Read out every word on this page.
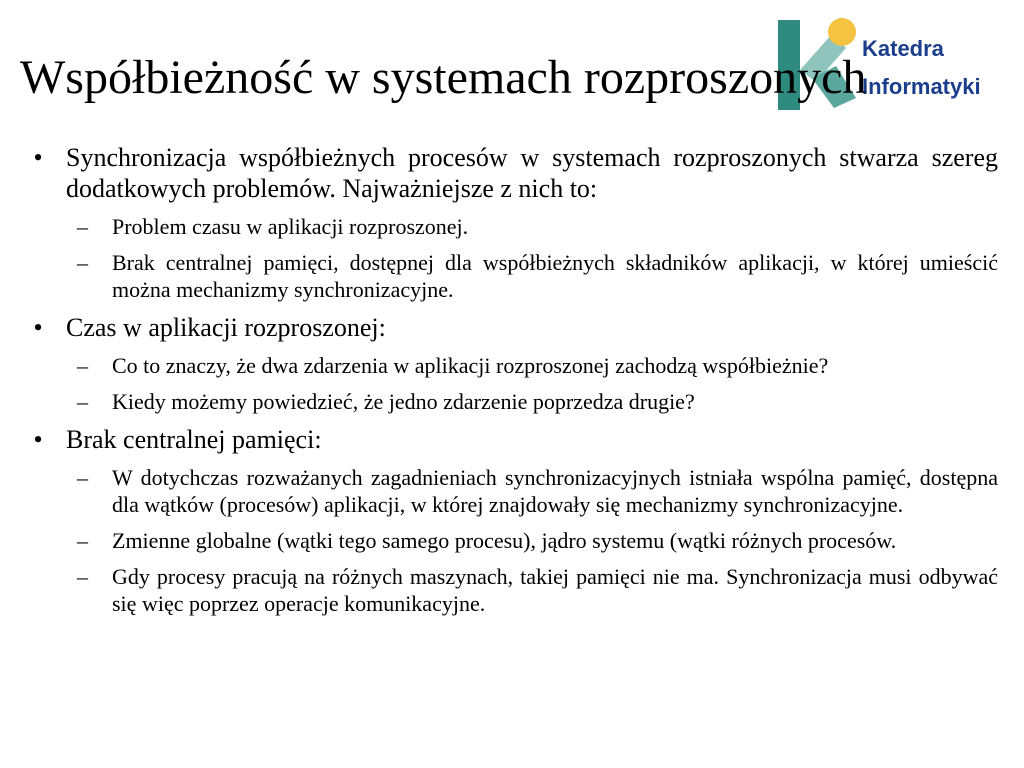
Katedra
Informatyki
Współbieżność w systemach rozproszonych
• Synchronizacja współbieżnych procesów w systemach rozproszonych stwarza szereg dodatkowych problemów. Najważniejsze z nich to:
– Problem czasu w aplikacji rozproszonej.
– Brak centralnej pamięci, dostępnej dla współbieżnych składników aplikacji, w której umieścić można mechanizmy synchronizacyjne.
• Czas w aplikacji rozproszonej:
– Co to znaczy, że dwa zdarzenia w aplikacji rozproszonej zachodzą współbieżnie?
– Kiedy możemy powiedzieć, że jedno zdarzenie poprzedza drugie?
• Brak centralnej pamięci:
– W dotychczas rozważanych zagadnieniach synchronizacyjnych istniała wspólna pamięć, dostępna dla wątków (procesów) aplikacji, w której znajdowały się mechanizmy synchronizacyjne.
– Zmienne globalne (wątki tego samego procesu), jądro systemu (wątki różnych procesów.
– Gdy procesy pracują na różnych maszynach, takiej pamięci nie ma. Synchronizacja musi odbywać się więc poprzez operacje komunikacyjne.
